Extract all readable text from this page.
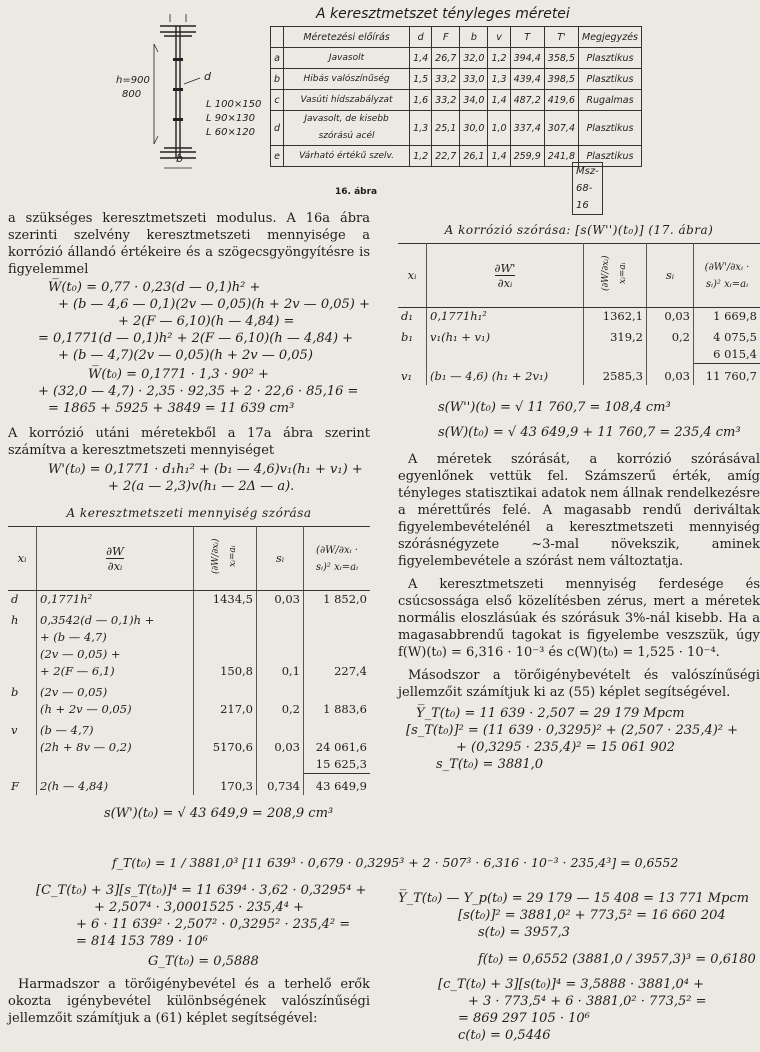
h=900
800
d
b
L 100×150
L 90×130
L 60×120
A keresztmetszet tényleges méretei
	Méretezési előírás	d	F	b	v	T	T'	Megjegyzés
a	Javasolt	1,4	26,7	32,0	1,2	394,4	358,5	Plasztikus
b	Hibás valószínűség	1,5	33,2	33,0	1,3	439,4	398,5	Plasztikus
c	Vasúti hídszabályzat	1,6	33,2	34,0	1,4	487,2	419,6	Rugalmas
d	Javasolt, de kisebb szórású acél	1,3	25,1	30,0	1,0	337,4	307,4	Plasztikus
e	Várható értékű szelv.	1,2	22,7	26,1	1,4	259,9	241,8	Plasztikus
Msz-68-16
16. ábra

a szükséges keresztmetszeti modulus. A 16a ábra szerinti szelvény keresztmetszeti mennyisége a korrózió állandó értékeire és a szögecsgyöngyítésre is figyelemmel

W̅(t₀) = 0,77 · 0,23(d — 0,1)h² +
+ (b — 4,6 — 0,1)(2v — 0,05)(h + 2v — 0,05) +
+ 2(F — 6,10)(h — 4,84) =
= 0,1771(d — 0,1)h² + 2(F — 6,10)(h — 4,84) +
+ (b — 4,7)(2v — 0,05)(h + 2v — 0,05)
W̅(t₀) = 0,1771 · 1,3 · 90² +
+ (32,0 — 4,7) · 2,35 · 92,35 + 2 · 22,6 · 85,16 =
= 1865 + 5925 + 3849 = 11 639 cm³

A korrózió utáni méretekből a 17a ábra szerint számítva a keresztmetszeti mennyiséget

W'(t₀) = 0,1771 · d₁h₁² + (b₁ — 4,6)v₁(h₁ + v₁) +
+ 2(a — 2,3)v(h₁ — 2Δ — a).
A keresztmetszeti mennyiség szórása
xᵢ	$\frac{\partial W}{\text{∂xᵢ}}$	(∂W/∂xᵢ) xᵢ=aᵢ	sᵢ	(∂W/∂xᵢ · sᵢ)² xᵢ=aᵢ
d	0,1771h²	1434,5	0,03	1 852,0
h	0,3542(d — 0,1)h +			
	+ (b — 4,7)			
	(2v — 0,05) +			
	+ 2(F — 6,1)	150,8	0,1	227,4
b	(2v — 0,05)			
	(h + 2v — 0,05)	217,0	0,2	1 883,6
v	(b — 4,7)			
	(2h + 8v — 0,2)	5170,6	0,03	24 061,6
				15 625,3
F	2(h — 4,84)	170,3	0,734	43 649,9
s(W')(t₀) = √ 43 649,9 = 208,9 cm³
f_T(t₀) = 1 / 3881,0³ [11 639³ · 0,679 · 0,3295³ + 2 · 507³ · 6,316 · 10⁻³ · 235,4³] = 0,6552
[C_T(t₀) + 3][s_T(t₀)]⁴ = 11 639⁴ · 3,62 · 0,3295⁴ +
+ 2,507⁴ · 3,0001525 · 235,4⁴ +
+ 6 · 11 639² · 2,507² · 0,3295² · 235,4² =
= 814 153 789 · 10⁶
G_T(t₀) = 0,5888

Harmadszor a törőigénybevétel és a terhelő erők okozta igénybevétel különbségének valószínűségi jellemzőit számítjuk a (61) képlet segítségével:

A korrózió szórása: [s(W'')(t₀)] (17. ábra)
xᵢ	$\frac{\partial W'}{\text{∂xᵢ}}$	(∂W/∂xᵢ) xᵢ=aᵢ	sᵢ	(∂W'/∂xᵢ · sᵢ)² xᵢ=aᵢ
d₁	0,1771h₁²	1362,1	0,03	1 669,8
b₁	v₁(h₁ + v₁)	319,2	0,2	4 075,5
				6 015,4
v₁	(b₁ — 4,6) (h₁ + 2v₁)	2585,3	0,03	11 760,7
s(W'')(t₀) = √ 11 760,7 = 108,4 cm³
s(W)(t₀) = √ 43 649,9 + 11 760,7 = 235,4 cm³

A méretek szórását, a korrózió szórásával egyenlőnek vettük fel. Számszerű érték, amíg tényleges statisztikai adatok nem állnak rendelkezésre a mérettűrés felé. A magasabb rendű deriváltak figyelembevételénél a keresztmetszeti mennyiség szórásnégyzete ~3-mal növekszik, aminek figyelembevétele a szórást nem változtatja.

A keresztmetszeti mennyiség ferdesége és csúcsossága első közelítésben zérus, mert a méretek normális eloszlásúak és szórásuk 3%-nál kisebb. Ha a magasabbrendű tagokat is figyelembe veszszük, úgy f(W)(t₀) = 6,316 · 10⁻³ és c(W)(t₀) = 1,525 · 10⁻⁴.

Másodszor a törőigénybevételt és valószínűségi jellemzőit számítjuk ki az (55) képlet segítségével.

Y̅_T(t₀) = 11 639 · 2,507 = 29 179 Mpcm
[s_T(t₀)]² = (11 639 · 0,3295)² + (2,507 · 235,4)² +
+ (0,3295 · 235,4)² = 15 061 902
s_T(t₀) = 3881,0
Y̅_T(t₀) — Y_p(t₀) = 29 179 — 15 408 = 13 771 Mpcm
[s(t₀)]² = 3881,0² + 773,5² = 16 660 204
s(t₀) = 3957,3
f(t₀) = 0,6552 (3881,0 / 3957,3)³ = 0,6180
[c_T(t₀) + 3][s(t₀)]⁴ = 3,5888 · 3881,0⁴ +
+ 3 · 773,5⁴ + 6 · 3881,0² · 773,5² =
= 869 297 105 · 10⁶
c(t₀) = 0,5446
